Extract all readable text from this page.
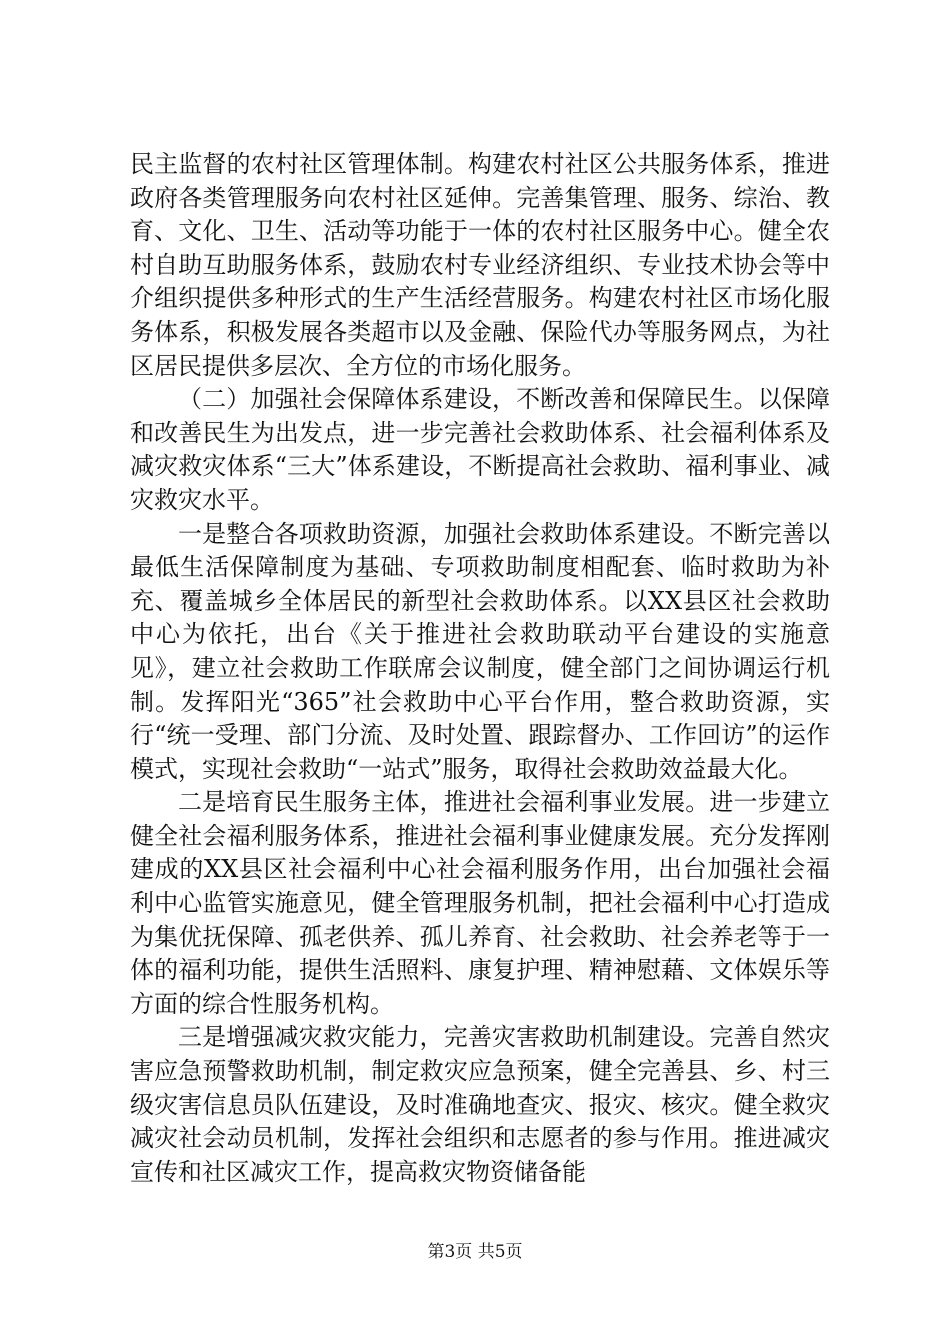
民主监督的农村社区管理体制。构建农村社区公共服务体系，推进政府各类管理服务向农村社区延伸。完善集管理、服务、综治、教育、文化、卫生、活动等功能于一体的农村社区服务中心。健全农村自助互助服务体系，鼓励农村专业经济组织、专业技术协会等中介组织提供多种形式的生产生活经营服务。构建农村社区市场化服务体系，积极发展各类超市以及金融、保险代办等服务网点，为社区居民提供多层次、全方位的市场化服务。

（二）加强社会保障体系建设，不断改善和保障民生。以保障和改善民生为出发点，进一步完善社会救助体系、社会福利体系及减灾救灾体系“三大”体系建设，不断提高社会救助、福利事业、减灾救灾水平。

一是整合各项救助资源，加强社会救助体系建设。不断完善以最低生活保障制度为基础、专项救助制度相配套、临时救助为补充、覆盖城乡全体居民的新型社会救助体系。以XX县区社会救助中心为依托，出台《关于推进社会救助联动平台建设的实施意见》，建立社会救助工作联席会议制度，健全部门之间协调运行机制。发挥阳光“365”社会救助中心平台作用，整合救助资源，实行“统一受理、部门分流、及时处置、跟踪督办、工作回访”的运作模式，实现社会救助“一站式”服务，取得社会救助效益最大化。

二是培育民生服务主体，推进社会福利事业发展。进一步建立健全社会福利服务体系，推进社会福利事业健康发展。充分发挥刚建成的XX县区社会福利中心社会福利服务作用，出台加强社会福利中心监管实施意见，健全管理服务机制，把社会福利中心打造成为集优抚保障、孤老供养、孤儿养育、社会救助、社会养老等于一体的福利功能，提供生活照料、康复护理、精神慰藉、文体娱乐等方面的综合性服务机构。

三是增强减灾救灾能力，完善灾害救助机制建设。完善自然灾害应急预警救助机制，制定救灾应急预案，健全完善县、乡、村三级灾害信息员队伍建设，及时准确地查灾、报灾、核灾。健全救灾减灾社会动员机制，发挥社会组织和志愿者的参与作用。推进减灾宣传和社区减灾工作，提高救灾物资储备能

第3页 共5页
